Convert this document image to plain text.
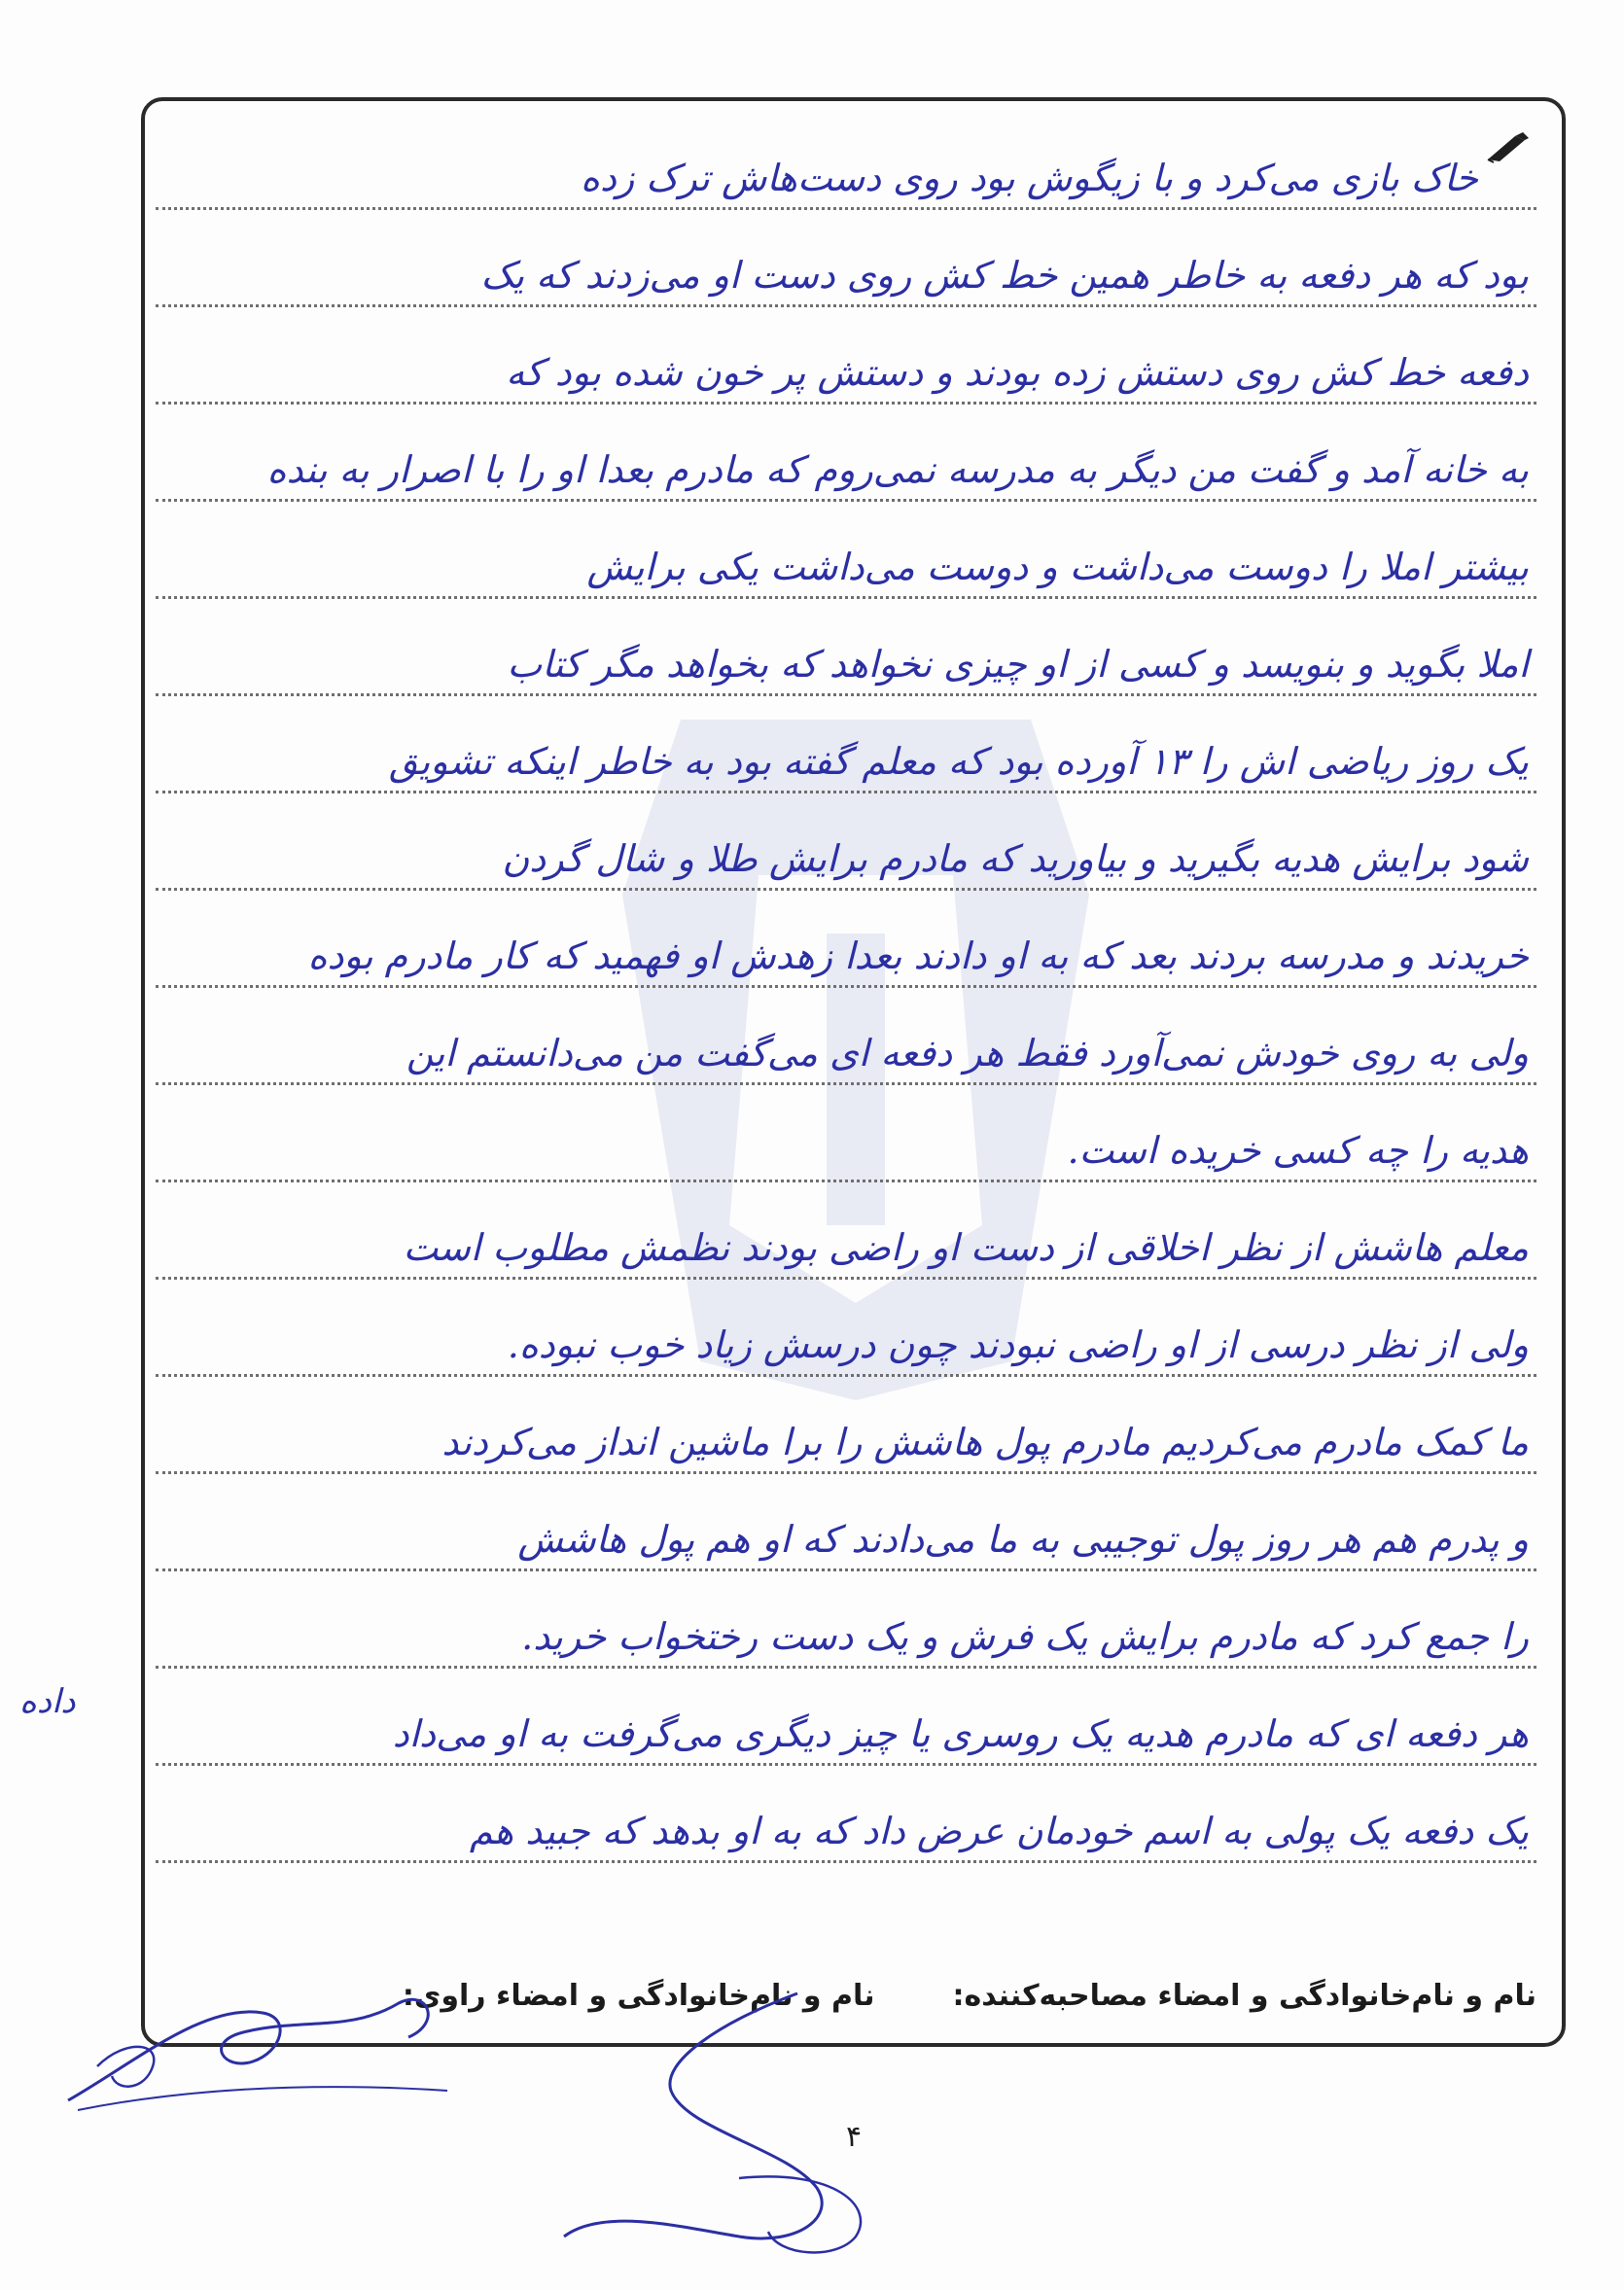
خاک بازی می‌کرد و با زیگوش بود روی دست‌هاش ترک زده
بود که هر دفعه به خاطر همین خط کش روی دست او می‌زدند که یک
دفعه خط کش روی دستش زده بودند و دستش پر خون شده بود که
به خانه آمد و گفت من دیگر به مدرسه نمی‌روم که مادرم بعدا او را با اصرار به بنده
بیشتر املا را دوست می‌داشت و دوست می‌داشت یکی برایش
املا بگوید و بنویسد و کسی از او چیزی نخواهد که بخواهد مگر کتاب
یک روز ریاضی اش را ۱۳ آورده بود که معلم گفته بود به خاطر اینکه تشویق
شود برایش هدیه بگیرید و بیاورید که مادرم برایش طلا و شال گردن
خریدند و مدرسه بردند بعد که به او دادند بعدا زهدش او فهمید که کار مادرم بوده
ولی به روی خودش نمی‌آورد فقط هر دفعه ای می‌گفت من می‌دانستم این
هدیه را چه کسی خریده است.
معلم هاشش از نظر اخلاقی از دست او راضی بودند نظمش مطلوب است
ولی از نظر درسی از او راضی نبودند چون درسش زیاد خوب نبوده.
ما کمک مادرم می‌کردیم مادرم پول هاشش را برا ماشین انداز می‌کردند
و پدرم هم هر روز پول توجیبی به ما می‌دادند که او هم پول هاشش
را جمع کرد که مادرم برایش یک فرش و یک دست رختخواب خرید.
هر دفعه ای که مادرم هدیه یک روسری یا چیز دیگری می‌گرفت به او می‌داد
یک دفعه یک پولی به اسم خودمان عرض داد که به او بدهد که جبید هم
داده
نام و نام‌خانوادگی و امضاء مصاحبه‌کننده:
نام و نام‌خانوادگی و امضاء راوی:
۴
